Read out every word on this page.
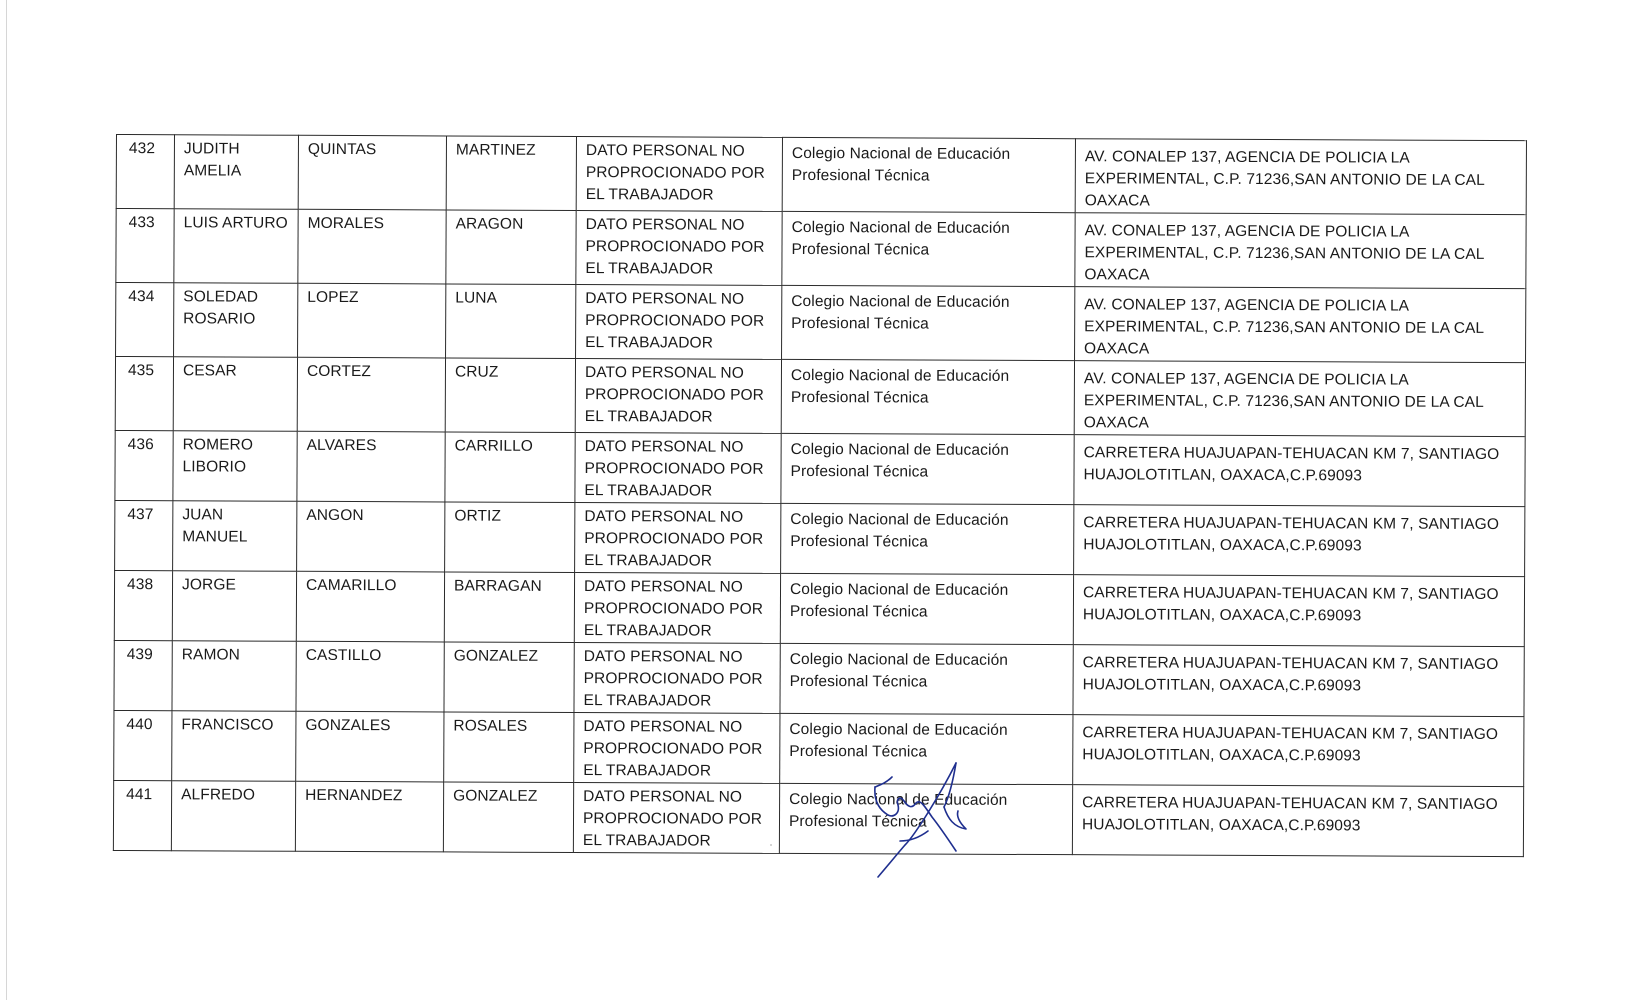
432	JUDITH AMELIA	QUINTAS	MARTINEZ	DATO PERSONAL NO PROPROCIONADO POR EL TRABAJADOR	Colegio Nacional de Educación Profesional Técnica	AV. CONALEP 137, AGENCIA DE POLICIA LA EXPERIMENTAL, C.P. 71236,SAN ANTONIO DE LA CAL OAXACA
433	LUIS ARTURO	MORALES	ARAGON	DATO PERSONAL NO PROPROCIONADO POR EL TRABAJADOR	Colegio Nacional de Educación Profesional Técnica	AV. CONALEP 137, AGENCIA DE POLICIA LA EXPERIMENTAL, C.P. 71236,SAN ANTONIO DE LA CAL OAXACA
434	SOLEDAD ROSARIO	LOPEZ	LUNA	DATO PERSONAL NO PROPROCIONADO POR EL TRABAJADOR	Colegio Nacional de Educación Profesional Técnica	AV. CONALEP 137, AGENCIA DE POLICIA LA EXPERIMENTAL, C.P. 71236,SAN ANTONIO DE LA CAL OAXACA
435	CESAR	CORTEZ	CRUZ	DATO PERSONAL NO PROPROCIONADO POR EL TRABAJADOR	Colegio Nacional de Educación Profesional Técnica	AV. CONALEP 137, AGENCIA DE POLICIA LA EXPERIMENTAL, C.P. 71236,SAN ANTONIO DE LA CAL OAXACA
436	ROMERO LIBORIO	ALVARES	CARRILLO	DATO PERSONAL NO PROPROCIONADO POR EL TRABAJADOR	Colegio Nacional de Educación Profesional Técnica	CARRETERA HUAJUAPAN-TEHUACAN KM 7, SANTIAGO HUAJOLOTITLAN, OAXACA,C.P.69093
437	JUAN MANUEL	ANGON	ORTIZ	DATO PERSONAL NO PROPROCIONADO POR EL TRABAJADOR	Colegio Nacional de Educación Profesional Técnica	CARRETERA HUAJUAPAN-TEHUACAN KM 7, SANTIAGO HUAJOLOTITLAN, OAXACA,C.P.69093
438	JORGE	CAMARILLO	BARRAGAN	DATO PERSONAL NO PROPROCIONADO POR EL TRABAJADOR	Colegio Nacional de Educación Profesional Técnica	CARRETERA HUAJUAPAN-TEHUACAN KM 7, SANTIAGO HUAJOLOTITLAN, OAXACA,C.P.69093
439	RAMON	CASTILLO	GONZALEZ	DATO PERSONAL NO PROPROCIONADO POR EL TRABAJADOR	Colegio Nacional de Educación Profesional Técnica	CARRETERA HUAJUAPAN-TEHUACAN KM 7, SANTIAGO HUAJOLOTITLAN, OAXACA,C.P.69093
440	FRANCISCO	GONZALES	ROSALES	DATO PERSONAL NO PROPROCIONADO POR EL TRABAJADOR	Colegio Nacional de Educación Profesional Técnica	CARRETERA HUAJUAPAN-TEHUACAN KM 7, SANTIAGO HUAJOLOTITLAN, OAXACA,C.P.69093
441	ALFREDO	HERNANDEZ	GONZALEZ	DATO PERSONAL NO PROPROCIONADO POR EL TRABAJADOR	Colegio Nacional de Educación Profesional Técnica	CARRETERA HUAJUAPAN-TEHUACAN KM 7, SANTIAGO HUAJOLOTITLAN, OAXACA,C.P.69093
